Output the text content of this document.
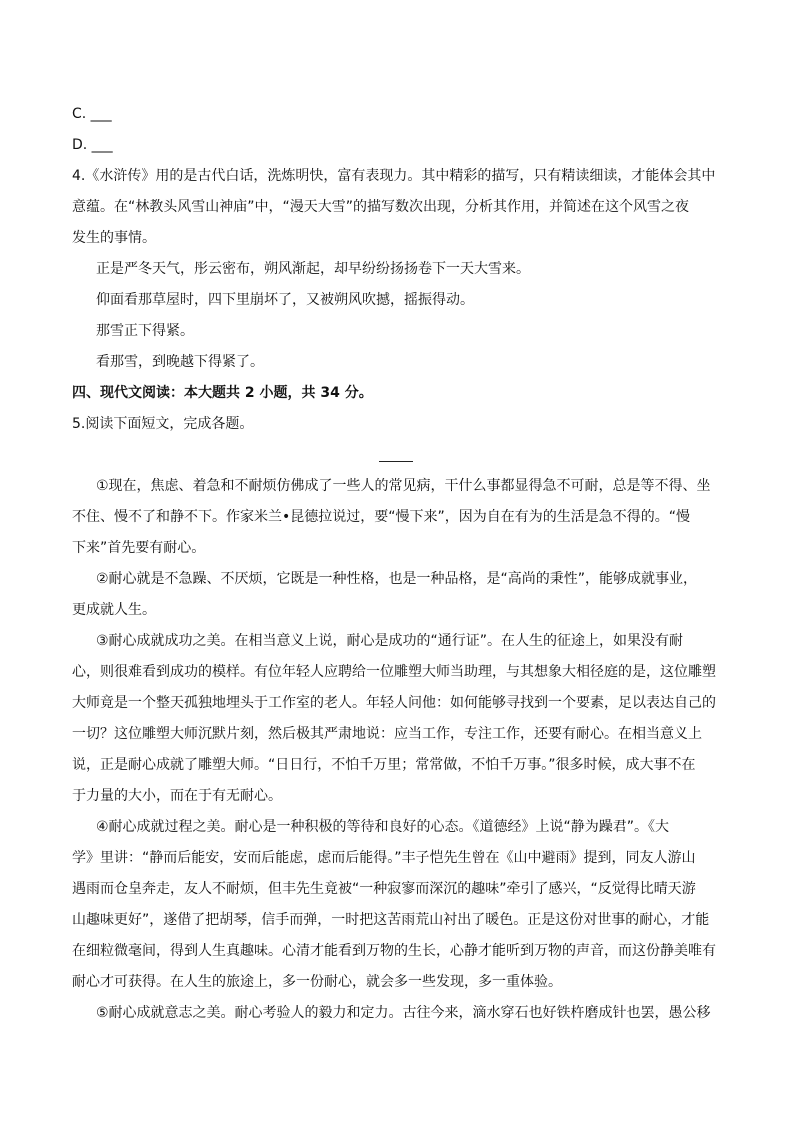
C. ___
D. ___
4.《水浒传》用的是古代白话，洗炼明快，富有表现力。其中精彩的描写，只有精读细读，才能体会其中
意蕴。在“林教头风雪山神庙”中，“漫天大雪”的描写数次出现，分析其作用，并简述在这个风雪之夜
发生的事情。
正是严冬天气，彤云密布，朔风渐起，却早纷纷扬扬卷下一天大雪来。
仰面看那草屋时，四下里崩坏了，又被朔风吹撼，摇振得动。
那雪正下得紧。
看那雪，到晚越下得紧了。
四、现代文阅读：本大题共 2 小题，共 34 分。
5.阅读下面短文，完成各题。
①现在，焦虑、着急和不耐烦仿佛成了一些人的常见病，干什么事都显得急不可耐，总是等不得、坐
不住、慢不了和静不下。作家米兰•昆德拉说过，要“慢下来”，因为自在有为的生活是急不得的。“慢
下来”首先要有耐心。
②耐心就是不急躁、不厌烦，它既是一种性格，也是一种品格，是“高尚的秉性”，能够成就事业，
更成就人生。
③耐心成就成功之美。在相当意义上说，耐心是成功的“通行证”。在人生的征途上，如果没有耐
心，则很难看到成功的模样。有位年轻人应聘给一位雕塑大师当助理，与其想象大相径庭的是，这位雕塑
大师竟是一个整天孤独地埋头于工作室的老人。年轻人问他：如何能够寻找到一个要素，足以表达自己的
一切？这位雕塑大师沉默片刻，然后极其严肃地说：应当工作，专注工作，还要有耐心。在相当意义上
说，正是耐心成就了雕塑大师。“日日行，不怕千万里；常常做，不怕千万事。”很多时候，成大事不在
于力量的大小，而在于有无耐心。
④耐心成就过程之美。耐心是一种积极的等待和良好的心态。《道德经》上说“静为躁君”。《大
学》里讲：“静而后能安，安而后能虑，虑而后能得。”丰子恺先生曾在《山中避雨》提到，同友人游山
遇雨而仓皇奔走，友人不耐烦，但丰先生竟被“一种寂寥而深沉的趣味”牵引了感兴，“反觉得比晴天游
山趣味更好”，遂借了把胡琴，信手而弹，一时把这苦雨荒山衬出了暖色。正是这份对世事的耐心，才能
在细粒微毫间，得到人生真趣味。心清才能看到万物的生长，心静才能听到万物的声音，而这份静美唯有
耐心才可获得。在人生的旅途上，多一份耐心，就会多一些发现，多一重体验。
⑤耐心成就意志之美。耐心考验人的毅力和定力。古往今来，滴水穿石也好铁杵磨成针也罢，愚公移
